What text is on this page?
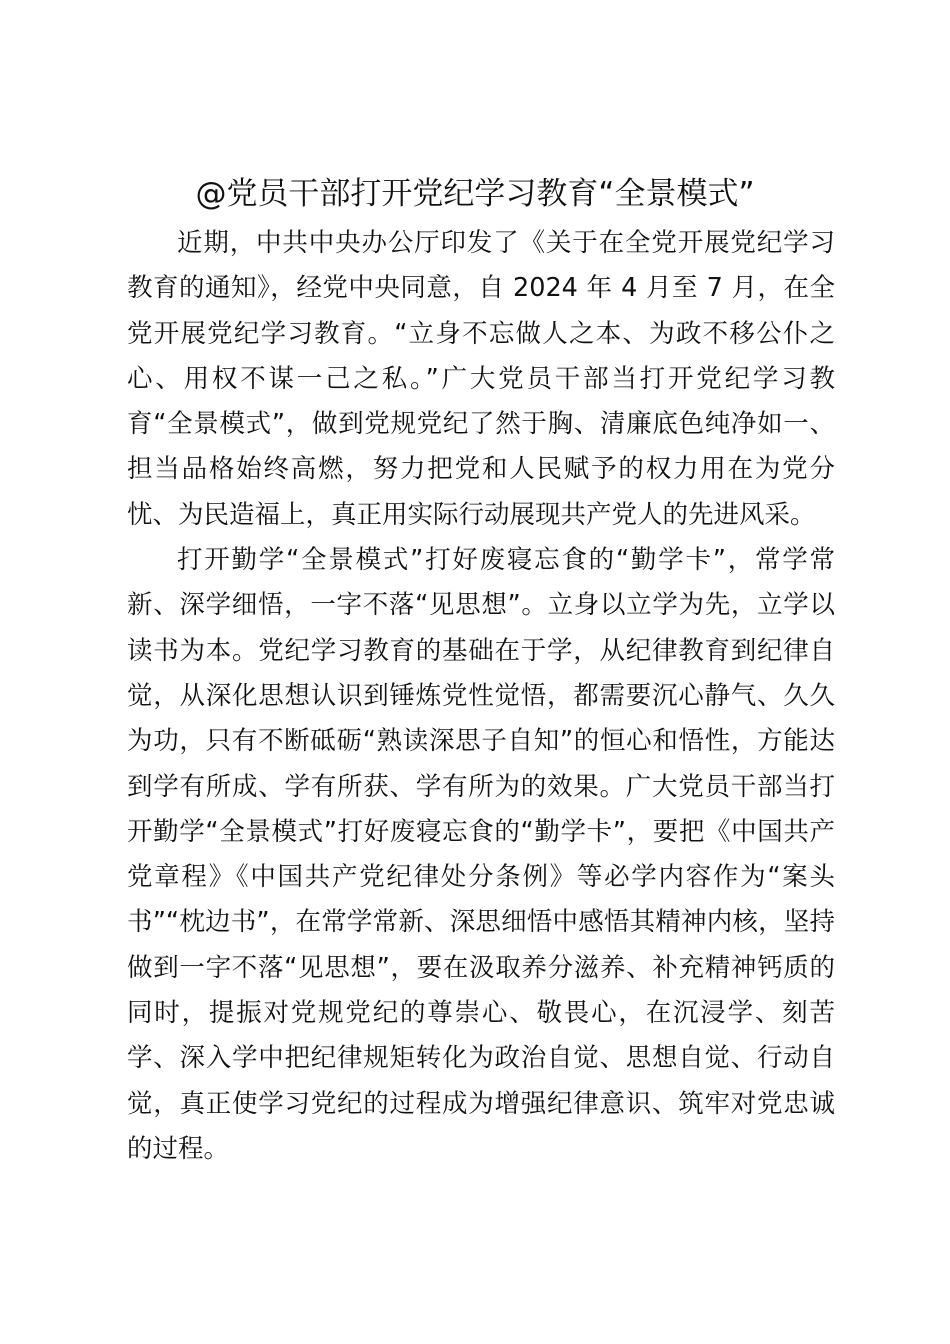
@党员干部打开党纪学习教育“全景模式”

近期，中共中央办公厅印发了《关于在全党开展党纪学习
教育的通知》，经党中央同意，自 2024 年 4 月至 7 月，在全
党开展党纪学习教育。“立身不忘做人之本、为政不移公仆之
心、用权不谋一己之私。”广大党员干部当打开党纪学习教
育“全景模式”，做到党规党纪了然于胸、清廉底色纯净如一、
担当品格始终高燃，努力把党和人民赋予的权力用在为党分
忧、为民造福上，真正用实际行动展现共产党人的先进风采。

打开勤学“全景模式”打好废寝忘食的“勤学卡”，常学常
新、深学细悟，一字不落“见思想”。立身以立学为先，立学以
读书为本。党纪学习教育的基础在于学，从纪律教育到纪律自
觉，从深化思想认识到锤炼党性觉悟，都需要沉心静气、久久
为功，只有不断砥砺“熟读深思子自知”的恒心和悟性，方能达
到学有所成、学有所获、学有所为的效果。广大党员干部当打
开勤学“全景模式”打好废寝忘食的“勤学卡”，要把《中国共产
党章程》《中国共产党纪律处分条例》等必学内容作为“案头
书”“枕边书”，在常学常新、深思细悟中感悟其精神内核，坚持
做到一字不落“见思想”，要在汲取养分滋养、补充精神钙质的
同时，提振对党规党纪的尊崇心、敬畏心，在沉浸学、刻苦
学、深入学中把纪律规矩转化为政治自觉、思想自觉、行动自
觉，真正使学习党纪的过程成为增强纪律意识、筑牢对党忠诚
的过程。
